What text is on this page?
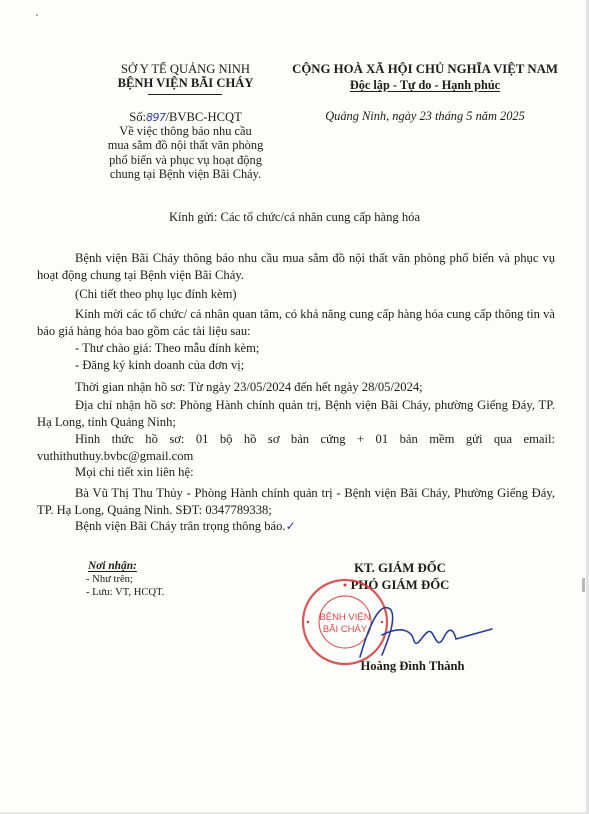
SỞ Y TẾ QUẢNG NINH
BỆNH VIỆN BÃI CHÁY
Số:897/BVBC-HCQT
Về việc thông báo nhu cầu
mua sắm đồ nội thất văn phòng
phổ biến và phục vụ hoạt động
chung tại Bệnh viện Bãi Cháy.
CỘNG HOÀ XÃ HỘI CHỦ NGHĨA VIỆT NAM
Độc lập - Tự do - Hạnh phúc
Quảng Ninh, ngày 23 tháng 5 năm 2025
Kính gửi: Các tổ chức/cá nhân cung cấp hàng hóa
Bệnh viện Bãi Cháy thông báo nhu cầu mua sắm đồ nội thất văn phòng phổ biến và phục vụ hoạt động chung tại Bệnh viện Bãi Cháy.
(Chi tiết theo phụ lục đính kèm)
Kính mời các tổ chức/ cá nhân quan tâm, có khả năng cung cấp hàng hóa cung cấp thông tin và báo giá hàng hóa bao gồm các tài liệu sau:
- Thư chào giá: Theo mẫu đính kèm;
- Đăng ký kinh doanh của đơn vị;
Thời gian nhận hồ sơ: Từ ngày 23/05/2024 đến hết ngày 28/05/2024;
Địa chỉ nhận hồ sơ: Phòng Hành chính quản trị, Bệnh viện Bãi Cháy, phường Giếng Đáy, TP. Hạ Long, tỉnh Quảng Ninh;
Hình thức hồ sơ: 01 bộ hồ sơ bản cứng + 01 bản mềm gửi qua email: vuthithuthuy.bvbc@gmail.com
Mọi chi tiết xin liên hệ:
Bà Vũ Thị Thu Thủy - Phòng Hành chính quản trị - Bệnh viện Bãi Cháy, Phường Giếng Đáy, TP. Hạ Long, Quảng Ninh. SĐT: 0347789338;
Bệnh viện Bãi Cháy trân trọng thông báo.✓
Nơi nhận:
- Như trên;
- Lưu: VT, HCQT.
KT. GIÁM ĐỐC
PHÓ GIÁM ĐỐC
BỆNH VIỆN
BÃI CHÁY
Hoàng Đình Thành
